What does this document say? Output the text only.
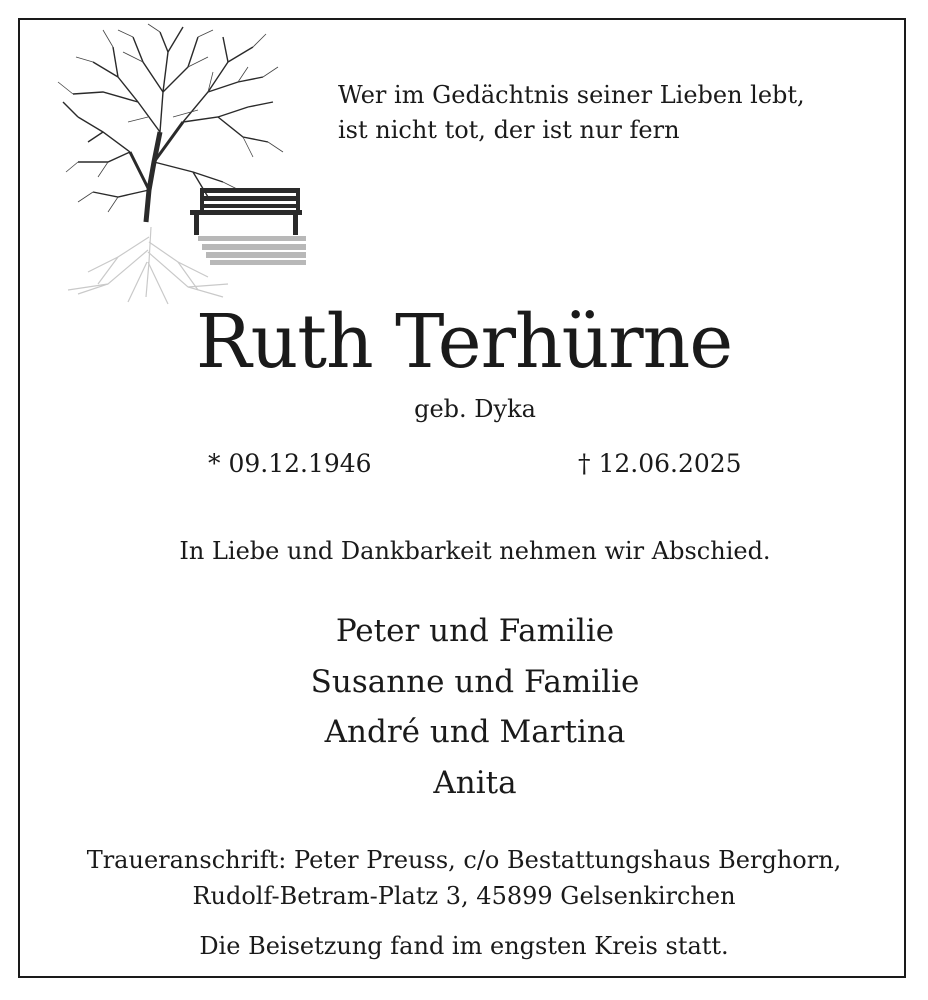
Wer im Gedächtnis seiner Lieben lebt,
ist nicht tot, der ist nur fern
Ruth Terhürne
geb. Dyka
* 09.12.1946	† 12.06.2025
In Liebe und Dankbarkeit nehmen wir Abschied.
Peter und Familie
Susanne und Familie
André und Martina
Anita
Traueranschrift: Peter Preuss, c/o Bestattungshaus Berghorn,
Rudolf-Betram-Platz 3, 45899 Gelsenkirchen
Die Beisetzung fand im engsten Kreis statt.
